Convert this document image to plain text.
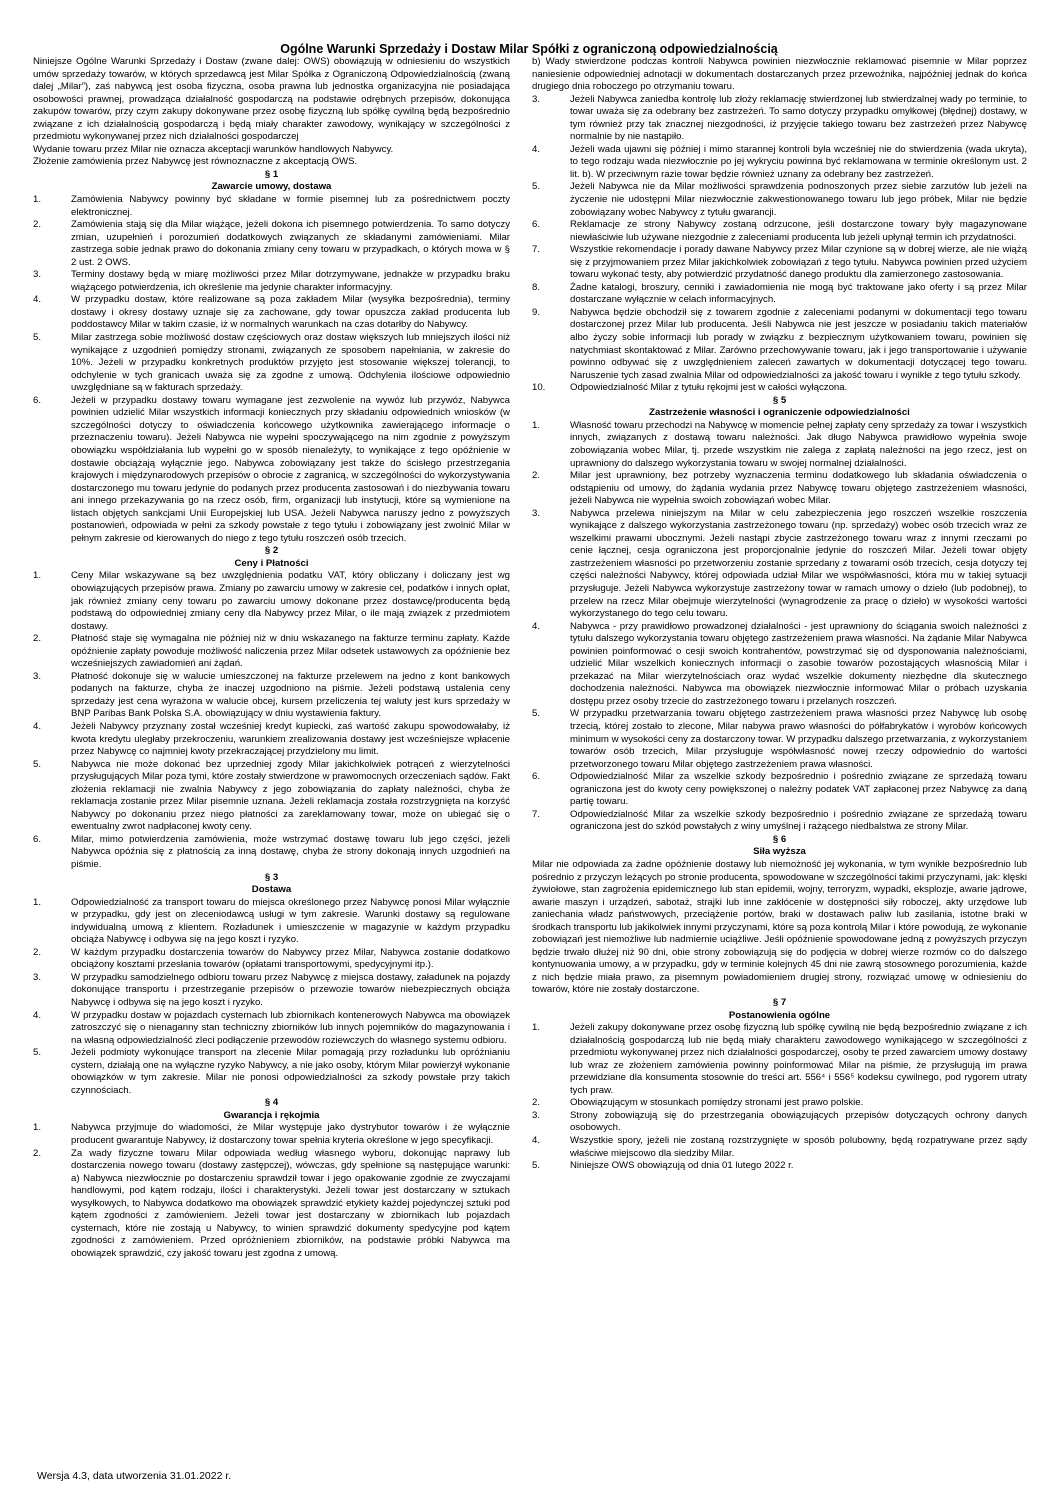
Ogólne Warunki Sprzedaży i Dostaw Milar Spółki z ograniczoną odpowiedzialnością
Niniejsze Ogólne Warunki Sprzedaży i Dostaw (zwane dalej: OWS) obowiązują w odniesieniu do wszystkich umów sprzedaży towarów, w których sprzedawcą jest Milar Spółka z Ograniczoną Odpowiedzialnością (zwaną dalej „Milar”), zaś nabywcą jest osoba fizyczna, osoba prawna lub jednostka organizacyjna nie posiadająca osobowości prawnej, prowadząca działalność gospodarczą na podstawie odrębnych przepisów, dokonująca zakupów towarów, przy czym zakupy dokonywane przez osobę fizyczną lub spółkę cywilną będą bezpośrednio związane z ich działalnością gospodarczą i będą miały charakter zawodowy, wynikający w szczególności z przedmiotu wykonywanej przez nich działalności gospodarczej
Wydanie towaru przez Milar nie oznacza akceptacji warunków handlowych Nabywcy.
Złożenie zamówienia przez Nabywcę jest równoznaczne z akceptacją OWS.
§ 1
Zawarcie umowy, dostawa
1.	Zamówienia Nabywcy powinny być składane w formie pisemnej lub za pośrednictwem poczty elektronicznej.
2.	Zamówienia stają się dla Milar wiążące, jeżeli dokona ich pisemnego potwierdzenia. To samo dotyczy zmian, uzupełnień i porozumień dodatkowych związanych ze składanymi zamówieniami. Milar zastrzega sobie jednak prawo do dokonania zmiany ceny towaru w przypadkach, o których mowa w § 2 ust. 2 OWS.
3.	Terminy dostawy będą w miarę możliwości przez Milar dotrzymywane, jednakże w przypadku braku wiążącego potwierdzenia, ich określenie ma jedynie charakter informacyjny.
4.	W przypadku dostaw, które realizowane są poza zakładem Milar (wysyłka bezpośrednia), terminy dostawy i okresy dostawy uznaje się za zachowane, gdy towar opuszcza zakład producenta lub poddostawcy Milar w takim czasie, iż w normalnych warunkach na czas dotarłby do Nabywcy.
5.	Milar zastrzega sobie możliwość dostaw częściowych oraz dostaw większych lub mniejszych ilości niż wynikające z uzgodnień pomiędzy stronami, związanych ze sposobem napełniania, w zakresie do 10%. Jeżeli w przypadku konkretnych produktów przyjęto jest stosowanie większej tolerancji, to odchylenie w tych granicach uważa się za zgodne z umową. Odchylenia ilościowe odpowiednio uwzględniane są w fakturach sprzedaży.
6.	Jeżeli w przypadku dostawy towaru wymagane jest zezwolenie na wywóz lub przywóz, Nabywca powinien udzielić Milar wszystkich informacji koniecznych przy składaniu odpowiednich wniosków (w szczególności dotyczy to oświadczenia końcowego użytkownika zawierającego informacje o przeznaczeniu towaru). Jeżeli Nabywca nie wypełni spoczywającego na nim zgodnie z powyższym obowiązku współdziałania lub wypełni go w sposób nienależyty, to wynikające z tego opóźnienie w dostawie obciążają wyłącznie jego. Nabywca zobowiązany jest także do ścisłego przestrzegania krajowych i międzynarodowych przepisów o obrocie z zagranicą, w szczególności do wykorzystywania dostarczonego mu towaru jedynie do podanych przez producenta zastosowań i do niezbywania towaru ani innego przekazywania go na rzecz osób, firm, organizacji lub instytucji, które są wymienione na listach objętych sankcjami Unii Europejskiej lub USA. Jeżeli Nabywca naruszy jedno z powyższych postanowień, odpowiada w pełni za szkody powstałe z tego tytułu i zobowiązany jest zwolnić Milar w pełnym zakresie od kierowanych do niego z tego tytułu roszczeń osób trzecich.
§ 2
Ceny i Płatności
1.	Ceny Milar wskazywane są bez uwzględnienia podatku VAT, który obliczany i doliczany jest wg obowiązujących przepisów prawa. Zmiany po zawarciu umowy w zakresie ceł, podatków i innych opłat, jak również zmiany ceny towaru po zawarciu umowy dokonane przez dostawcę/producenta będą podstawą do odpowiedniej zmiany ceny dla Nabywcy przez Milar, o ile mają związek z przedmiotem dostawy.
2.	Płatność staje się wymagalna nie później niż w dniu wskazanego na fakturze terminu zapłaty. Każde opóźnienie zapłaty powoduje możliwość naliczenia przez Milar odsetek ustawowych za opóźnienie bez wcześniejszych zawiadomień ani żądań.
3.	Płatność dokonuje się w walucie umieszczonej na fakturze przelewem na jedno z kont bankowych podanych na fakturze, chyba że inaczej uzgodniono na piśmie. Jeżeli podstawą ustalenia ceny sprzedaży jest cena wyrażona w walucie obcej, kursem przeliczenia tej waluty jest kurs sprzedaży w BNP Paribas Bank Polska S.A. obowiązujący w dniu wystawienia faktury.
4.	Jeżeli Nabywcy przyznany został wcześniej kredyt kupiecki, zaś wartość zakupu spowodowałaby, iż kwota kredytu uległaby przekroczeniu, warunkiem zrealizowania dostawy jest wcześniejsze wpłacenie przez Nabywcę co najmniej kwoty przekraczającej przydzielony mu limit.
5.	Nabywca nie może dokonać bez uprzedniej zgody Milar jakichkolwiek potrąceń z wierzytelności przysługujących Milar poza tymi, które zostały stwierdzone w prawomocnych orzeczeniach sądów. Fakt złożenia reklamacji nie zwalnia Nabywcy z jego zobowiązania do zapłaty należności, chyba że reklamacja zostanie przez Milar pisemnie uznana. Jeżeli reklamacja została rozstrzygnięta na korzyść Nabywcy po dokonaniu przez niego płatności za zareklamowany towar, może on ubiegać się o ewentualny zwrot nadpłaconej kwoty ceny.
6.	Milar, mimo potwierdzenia zamówienia, może wstrzymać dostawę towaru lub jego części, jeżeli Nabywca opóźnia się z płatnością za inną dostawę, chyba że strony dokonają innych uzgodnień na piśmie.
§ 3
Dostawa
1.	Odpowiedzialność za transport towaru do miejsca określonego przez Nabywcę ponosi Milar wyłącznie w przypadku, gdy jest on zleceniodawcą usługi w tym zakresie. Warunki dostawy są regulowane indywidualną umową z klientem. Rozładunek i umieszczenie w magazynie w każdym przypadku obciąża Nabywcę i odbywa się na jego koszt i ryzyko.
2.	W każdym przypadku dostarczenia towarów do Nabywcy przez Milar, Nabywca zostanie dodatkowo obciążony kosztami przesłania towarów (opłatami transportowymi, spedycyjnymi itp.).
3.	W przypadku samodzielnego odbioru towaru przez Nabywcę z miejsca dostawy, załadunek na pojazdy dokonujące transportu i przestrzeganie przepisów o przewozie towarów niebezpiecznych obciąża Nabywcę i odbywa się na jego koszt i ryzyko.
4.	W przypadku dostaw w pojazdach cysternach lub zbiornikach kontenerowych Nabywca ma obowiązek zatroszczyć się o nienaganny stan techniczny zbiorników lub innych pojemników do magazynowania i na własną odpowiedzialność zleci podłączenie przewodów roziewczych do własnego systemu odbioru.
5.	Jeżeli podmioty wykonujące transport na zlecenie Milar pomagają przy rozładunku lub opróżnianiu cystern, działają one na wyłączne ryzyko Nabywcy, a nie jako osoby, którym Milar powierzył wykonanie obowiązków w tym zakresie. Milar nie ponosi odpowiedzialności za szkody powstałe przy takich czynnościach.
§ 4
Gwarancja i rękojmia
1.	Nabywca przyjmuje do wiadomości, że Milar występuje jako dystrybutor towarów i że wyłącznie producent gwarantuje Nabywcy, iż dostarczony towar spełnia kryteria określone w jego specyfikacji.
2.	Za wady fizyczne towaru Milar odpowiada według własnego wyboru, dokonując naprawy lub dostarczenia nowego towaru (dostawy zastępczej), wówczas, gdy spełnione są następujące warunki: a) Nabywca niezwłocznie po dostarczeniu sprawdził towar i jego opakowanie zgodnie ze zwyczajami handlowymi, pod kątem rodzaju, ilości i charakterystyki. Jeżeli towar jest dostarczany w sztukach wysyłkowych, to Nabywca dodatkowo ma obowiązek sprawdzić etykiety każdej pojedynczej sztuki pod kątem zgodności z zamówieniem. Jeżeli towar jest dostarczany w zbiornikach lub pojazdach cysternach, które nie zostają u Nabywcy, to winien sprawdzić dokumenty spedycyjne pod kątem zgodności z zamówieniem. Przed opróżnieniem zbiorników, na podstawie próbki Nabywca ma obowiązek sprawdzić, czy jakość towaru jest zgodna z umową.
b) Wady stwierdzone podczas kontroli Nabywca powinien niezwłocznie reklamować pisemnie w Milar poprzez naniesienie odpowiedniej adnotacji w dokumentach dostarczanych przez przewoźnika, najpóźniej jednak do końca drugiego dnia roboczego po otrzymaniu towaru.
3.	Jeżeli Nabywca zaniedba kontrolę lub złoży reklamację stwierdzonej lub stwierdzalnej wady po terminie, to towar uważa się za odebrany bez zastrzeżeń. To samo dotyczy przypadku omyłkowej (błędnej) dostawy, w tym również przy tak znacznej niezgodności, iż przyjęcie takiego towaru bez zastrzeżeń przez Nabywcę normalnie by nie nastąpiło.
4.	Jeżeli wada ujawni się później i mimo starannej kontroli była wcześniej nie do stwierdzenia (wada ukryta), to tego rodzaju wada niezwłocznie po jej wykryciu powinna być reklamowana w terminie określonym ust. 2 lit. b). W przeciwnym razie towar będzie również uznany za odebrany bez zastrzeżeń.
5.	Jeżeli Nabywca nie da Milar możliwości sprawdzenia podnoszonych przez siebie zarzutów lub jeżeli na życzenie nie udostępni Milar niezwłocznie zakwestionowanego towaru lub jego próbek, Milar nie będzie zobowiązany wobec Nabywcy z tytułu gwarancji.
6.	Reklamacje ze strony Nabywcy zostaną odrzucone, jeśli dostarczone towary były magazynowane niewłaściwie lub używane niezgodnie z zaleceniami producenta lub jeżeli upłynął termin ich przydatności.
7.	Wszystkie rekomendacje i porady dawane Nabywcy przez Milar czynione są w dobrej wierze, ale nie wiążą się z przyjmowaniem przez Milar jakichkolwiek zobowiązań z tego tytułu. Nabywca powinien przed użyciem towaru wykonać testy, aby potwierdzić przydatność danego produktu dla zamierzonego zastosowania.
8.	Żadne katalogi, broszury, cenniki i zawiadomienia nie mogą być traktowane jako oferty i są przez Milar dostarczane wyłącznie w celach informacyjnych.
9.	Nabywca będzie obchodził się z towarem zgodnie z zaleceniami podanymi w dokumentacji tego towaru dostarczonej przez Milar lub producenta. Jeśli Nabywca nie jest jeszcze w posiadaniu takich materiałów albo życzy sobie informacji lub porady w związku z bezpiecznym użytkowaniem towaru, powinien się natychmiast skontaktować z Milar. Zarówno przechowywanie towaru, jak i jego transportowanie i używanie powinno odbywać się z uwzględnieniem zaleceń zawartych w dokumentacji dotyczącej tego towaru. Naruszenie tych zasad zwalnia Milar od odpowiedzialności za jakość towaru i wynikłe z tego tytułu szkody.
10.	Odpowiedzialność Milar z tytułu rękojmi jest w całości wyłączona.
§ 5
Zastrzeżenie własności i ograniczenie odpowiedzialności
1.	Własność towaru przechodzi na Nabywcę w momencie pełnej zapłaty ceny sprzedaży za towar i wszystkich innych, związanych z dostawą towaru należności. Jak długo Nabywca prawidłowo wypełnia swoje zobowiązania wobec Milar, tj. przede wszystkim nie zalega z zapłatą należności na jego rzecz, jest on uprawniony do dalszego wykorzystania towaru w swojej normalnej działalności.
2.	Milar jest uprawniony, bez potrzeby wyznaczenia terminu dodatkowego lub składania oświadczenia o odstąpieniu od umowy, do żądania wydania przez Nabywcę towaru objętego zastrzeżeniem własności, jeżeli Nabywca nie wypełnia swoich zobowiązań wobec Milar.
3.	Nabywca przelewa niniejszym na Milar w celu zabezpieczenia jego roszczeń wszelkie roszczenia wynikające z dalszego wykorzystania zastrzeżonego towaru (np. sprzedaży) wobec osób trzecich wraz ze wszelkimi prawami ubocznymi. Jeżeli nastąpi zbycie zastrzeżonego towaru wraz z innymi rzeczami po cenie łącznej, cesja ograniczona jest proporcjonalnie jedynie do roszczeń Milar. Jeżeli towar objęty zastrzeżeniem własności po przetworzeniu zostanie sprzedany z towarami osób trzecich, cesja dotyczy tej części należności Nabywcy, której odpowiada udział Milar we współwłasności, która mu w takiej sytuacji przysługuje. Jeżeli Nabywca wykorzystuje zastrzeżony towar w ramach umowy o dzieło (lub podobnej), to przelew na rzecz Milar obejmuje wierzytelności (wynagrodzenie za pracę o dzieło) w wysokości wartości wykorzystanego do tego celu towaru.
4.	Nabywca - przy prawidłowo prowadzonej działalności - jest uprawniony do ściągania swoich należności z tytułu dalszego wykorzystania towaru objętego zastrzeżeniem prawa własności. Na żądanie Milar Nabywca powinien poinformować o cesji swoich kontrahentów, powstrzymać się od dysponowania należnościami, udzielić Milar wszelkich koniecznych informacji o zasobie towarów pozostających własnością Milar i przekazać na Milar wierzytelnościach oraz wydać wszelkie dokumenty niezbędne dla skutecznego dochodzenia należności. Nabywca ma obowiązek niezwłocznie informować Milar o próbach uzyskania dostępu przez osoby trzecie do zastrzeżonego towaru i przelanych roszczeń.
5.	W przypadku przetwarzania towaru objętego zastrzeżeniem prawa własności przez Nabywcę lub osobę trzecią, której zostało to zlecone, Milar nabywa prawo własności do półfabrykatów i wyrobów końcowych minimum w wysokości ceny za dostarczony towar. W przypadku dalszego przetwarzania, z wykorzystaniem towarów osób trzecich, Milar przysługuje współwłasność nowej rzeczy odpowiednio do wartości przetworzonego towaru Milar objętego zastrzeżeniem prawa własności.
6.	Odpowiedzialność Milar za wszelkie szkody bezpośrednio i pośrednio związane ze sprzedażą towaru ograniczona jest do kwoty ceny powiększonej o należny podatek VAT zapłaconej przez Nabywcę za daną partię towaru.
7.	Odpowiedzialność Milar za wszelkie szkody bezpośrednio i pośrednio związane ze sprzedażą towaru ograniczona jest do szkód powstałych z winy umyślnej i rażącego niedbalstwa ze strony Milar.
§ 6
Siła wyższa
Milar nie odpowiada za żadne opóźnienie dostawy lub niemożność jej wykonania, w tym wynikłe bezpośrednio lub pośrednio z przyczyn leżących po stronie producenta, spowodowane w szczególności takimi przyczynami, jak: klęski żywiołowe, stan zagrożenia epidemicznego lub stan epidemii, wojny, terroryzm, wypadki, eksplozje, awarie jądrowe, awarie maszyn i urządzeń, sabotaż, strajki lub inne zakłócenie w dostępności siły roboczej, akty urzędowe lub zaniechania władz państwowych, przeciążenie portów, braki w dostawach paliw lub zasilania, istotne braki w środkach transportu lub jakikolwiek innymi przyczynami, które są poza kontrolą Milar i które powodują, że wykonanie zobowiązań jest niemożliwe lub nadmiernie uciążliwe. Jeśli opóźnienie spowodowane jedną z powyższych przyczyn będzie trwało dłużej niż 90 dni, obie strony zobowiązują się do podjęcia w dobrej wierze rozmów co do dalszego kontynuowania umowy, a w przypadku, gdy w terminie kolejnych 45 dni nie zawrą stosownego porozumienia, każde z nich będzie miała prawo, za pisemnym powiadomieniem drugiej strony, rozwiązać umowę w odniesieniu do towarów, które nie zostały dostarczone.
§ 7
Postanowienia ogólne
1.	Jeżeli zakupy dokonywane przez osobę fizyczną lub spółkę cywilną nie będą bezpośrednio związane z ich działalnością gospodarczą lub nie będą miały charakteru zawodowego wynikającego w szczególności z przedmiotu wykonywanej przez nich działalności gospodarczej, osoby te przed zawarciem umowy dostawy lub wraz ze złożeniem zamówienia powinny poinformować Milar na piśmie, że przysługują im prawa przewidziane dla konsumenta stosownie do treści art. 556⁴ i 556⁵ kodeksu cywilnego, pod rygorem utraty tych praw.
2.	Obowiązującym w stosunkach pomiędzy stronami jest prawo polskie.
3.	Strony zobowiązują się do przestrzegania obowiązujących przepisów dotyczących ochrony danych osobowych.
4.	Wszystkie spory, jeżeli nie zostaną rozstrzygnięte w sposób polubowny, będą rozpatrywane przez sądy właściwe miejscowo dla siedziby Milar.
5.	Niniejsze OWS obowiązują od dnia 01 lutego 2022 r.
Wersja 4.3, data utworzenia 31.01.2022 r.
